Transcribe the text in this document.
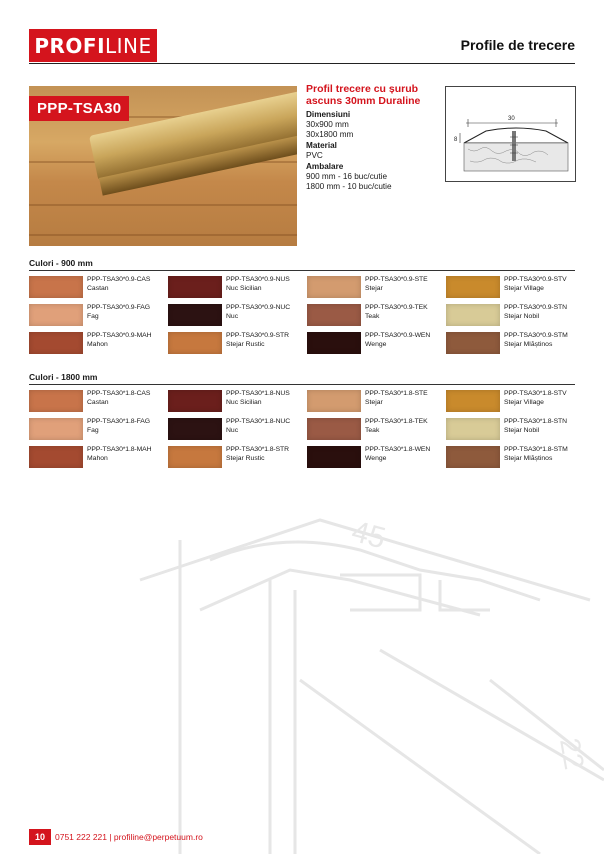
PROFI LINE	Profile de trecere
PPP-TSA30
Profil trecere cu șurub ascuns 30mm Duraline
Dimensiuni
30x900 mm
30x1800 mm
Material
PVC
Ambalare
900 mm - 16 buc/cutie
1800 mm - 10 buc/cutie
30
8
Culori - 900 mm
PPP-TSA30*0.9-CAS
Castan
PPP-TSA30*0.9-NUS
Nuc Sicilian
PPP-TSA30*0.9-STE
Stejar
PPP-TSA30*0.9-STV
Stejar Village
PPP-TSA30*0.9-FAG
Fag
PPP-TSA30*0.9-NUC
Nuc
PPP-TSA30*0.9-TEK
Teak
PPP-TSA30*0.9-STN
Stejar Nobil
PPP-TSA30*0.9-MAH
Mahon
PPP-TSA30*0.9-STR
Stejar Rustic
PPP-TSA30*0.9-WEN
Wenge
PPP-TSA30*0.9-STM
Stejar Mlăștinos
Culori - 1800 mm
PPP-TSA30*1.8-CAS
Castan
PPP-TSA30*1.8-NUS
Nuc Sicilian
PPP-TSA30*1.8-STE
Stejar
PPP-TSA30*1.8-STV
Stejar Village
PPP-TSA30*1.8-FAG
Fag
PPP-TSA30*1.8-NUC
Nuc
PPP-TSA30*1.8-TEK
Teak
PPP-TSA30*1.8-STN
Stejar Nobil
PPP-TSA30*1.8-MAH
Mahon
PPP-TSA30*1.8-STR
Stejar Rustic
PPP-TSA30*1.8-WEN
Wenge
PPP-TSA30*1.8-STM
Stejar Mlăștinos
45
22
10	0751 222 221 | profiline@perpetuum.ro
